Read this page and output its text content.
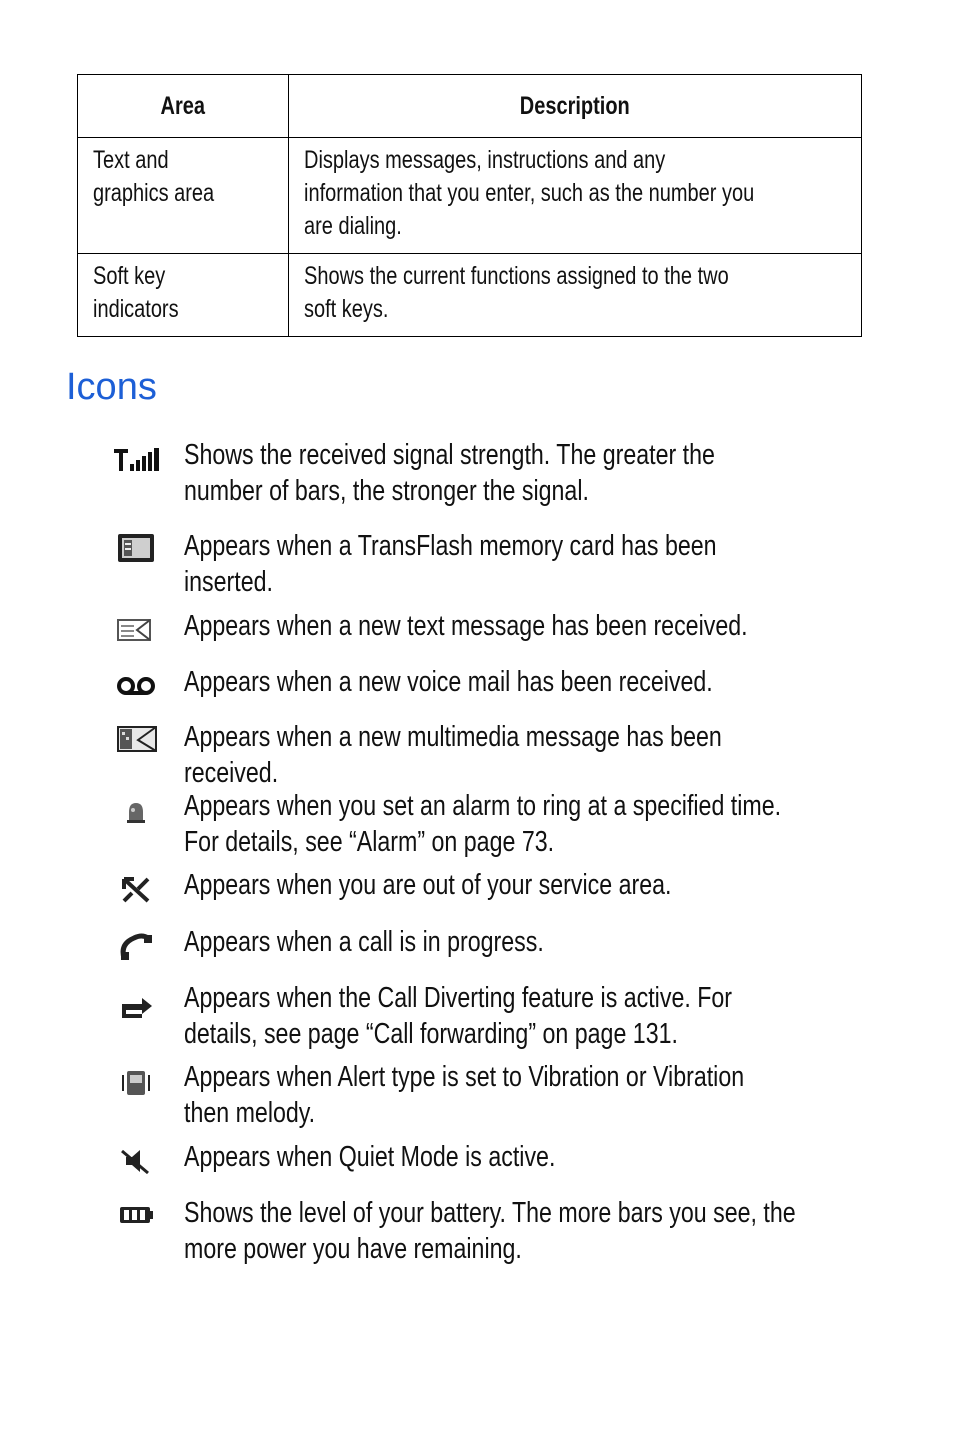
Area	Description

Text and
graphics area	Displays messages, instructions and any
information that you enter, such as the number you
are dialing.

Soft key
indicators	Shows the current functions assigned to the two
soft keys.
Icons
Shows the received signal strength. The greater the
number of bars, the stronger the signal.
Appears when a TransFlash memory card has been
inserted.
Appears when a new text message has been received.
Appears when a new voice mail has been received.
Appears when a new multimedia message has been
received.
Appears when you set an alarm to ring at a specified time.
For details, see “Alarm” on page 73.
Appears when you are out of your service area.
Appears when a call is in progress.
Appears when the Call Diverting feature is active. For
details, see page “Call forwarding” on page 131.
Appears when Alert type is set to Vibration or Vibration
then melody.
Appears when Quiet Mode is active.
Shows the level of your battery. The more bars you see, the
more power you have remaining.
